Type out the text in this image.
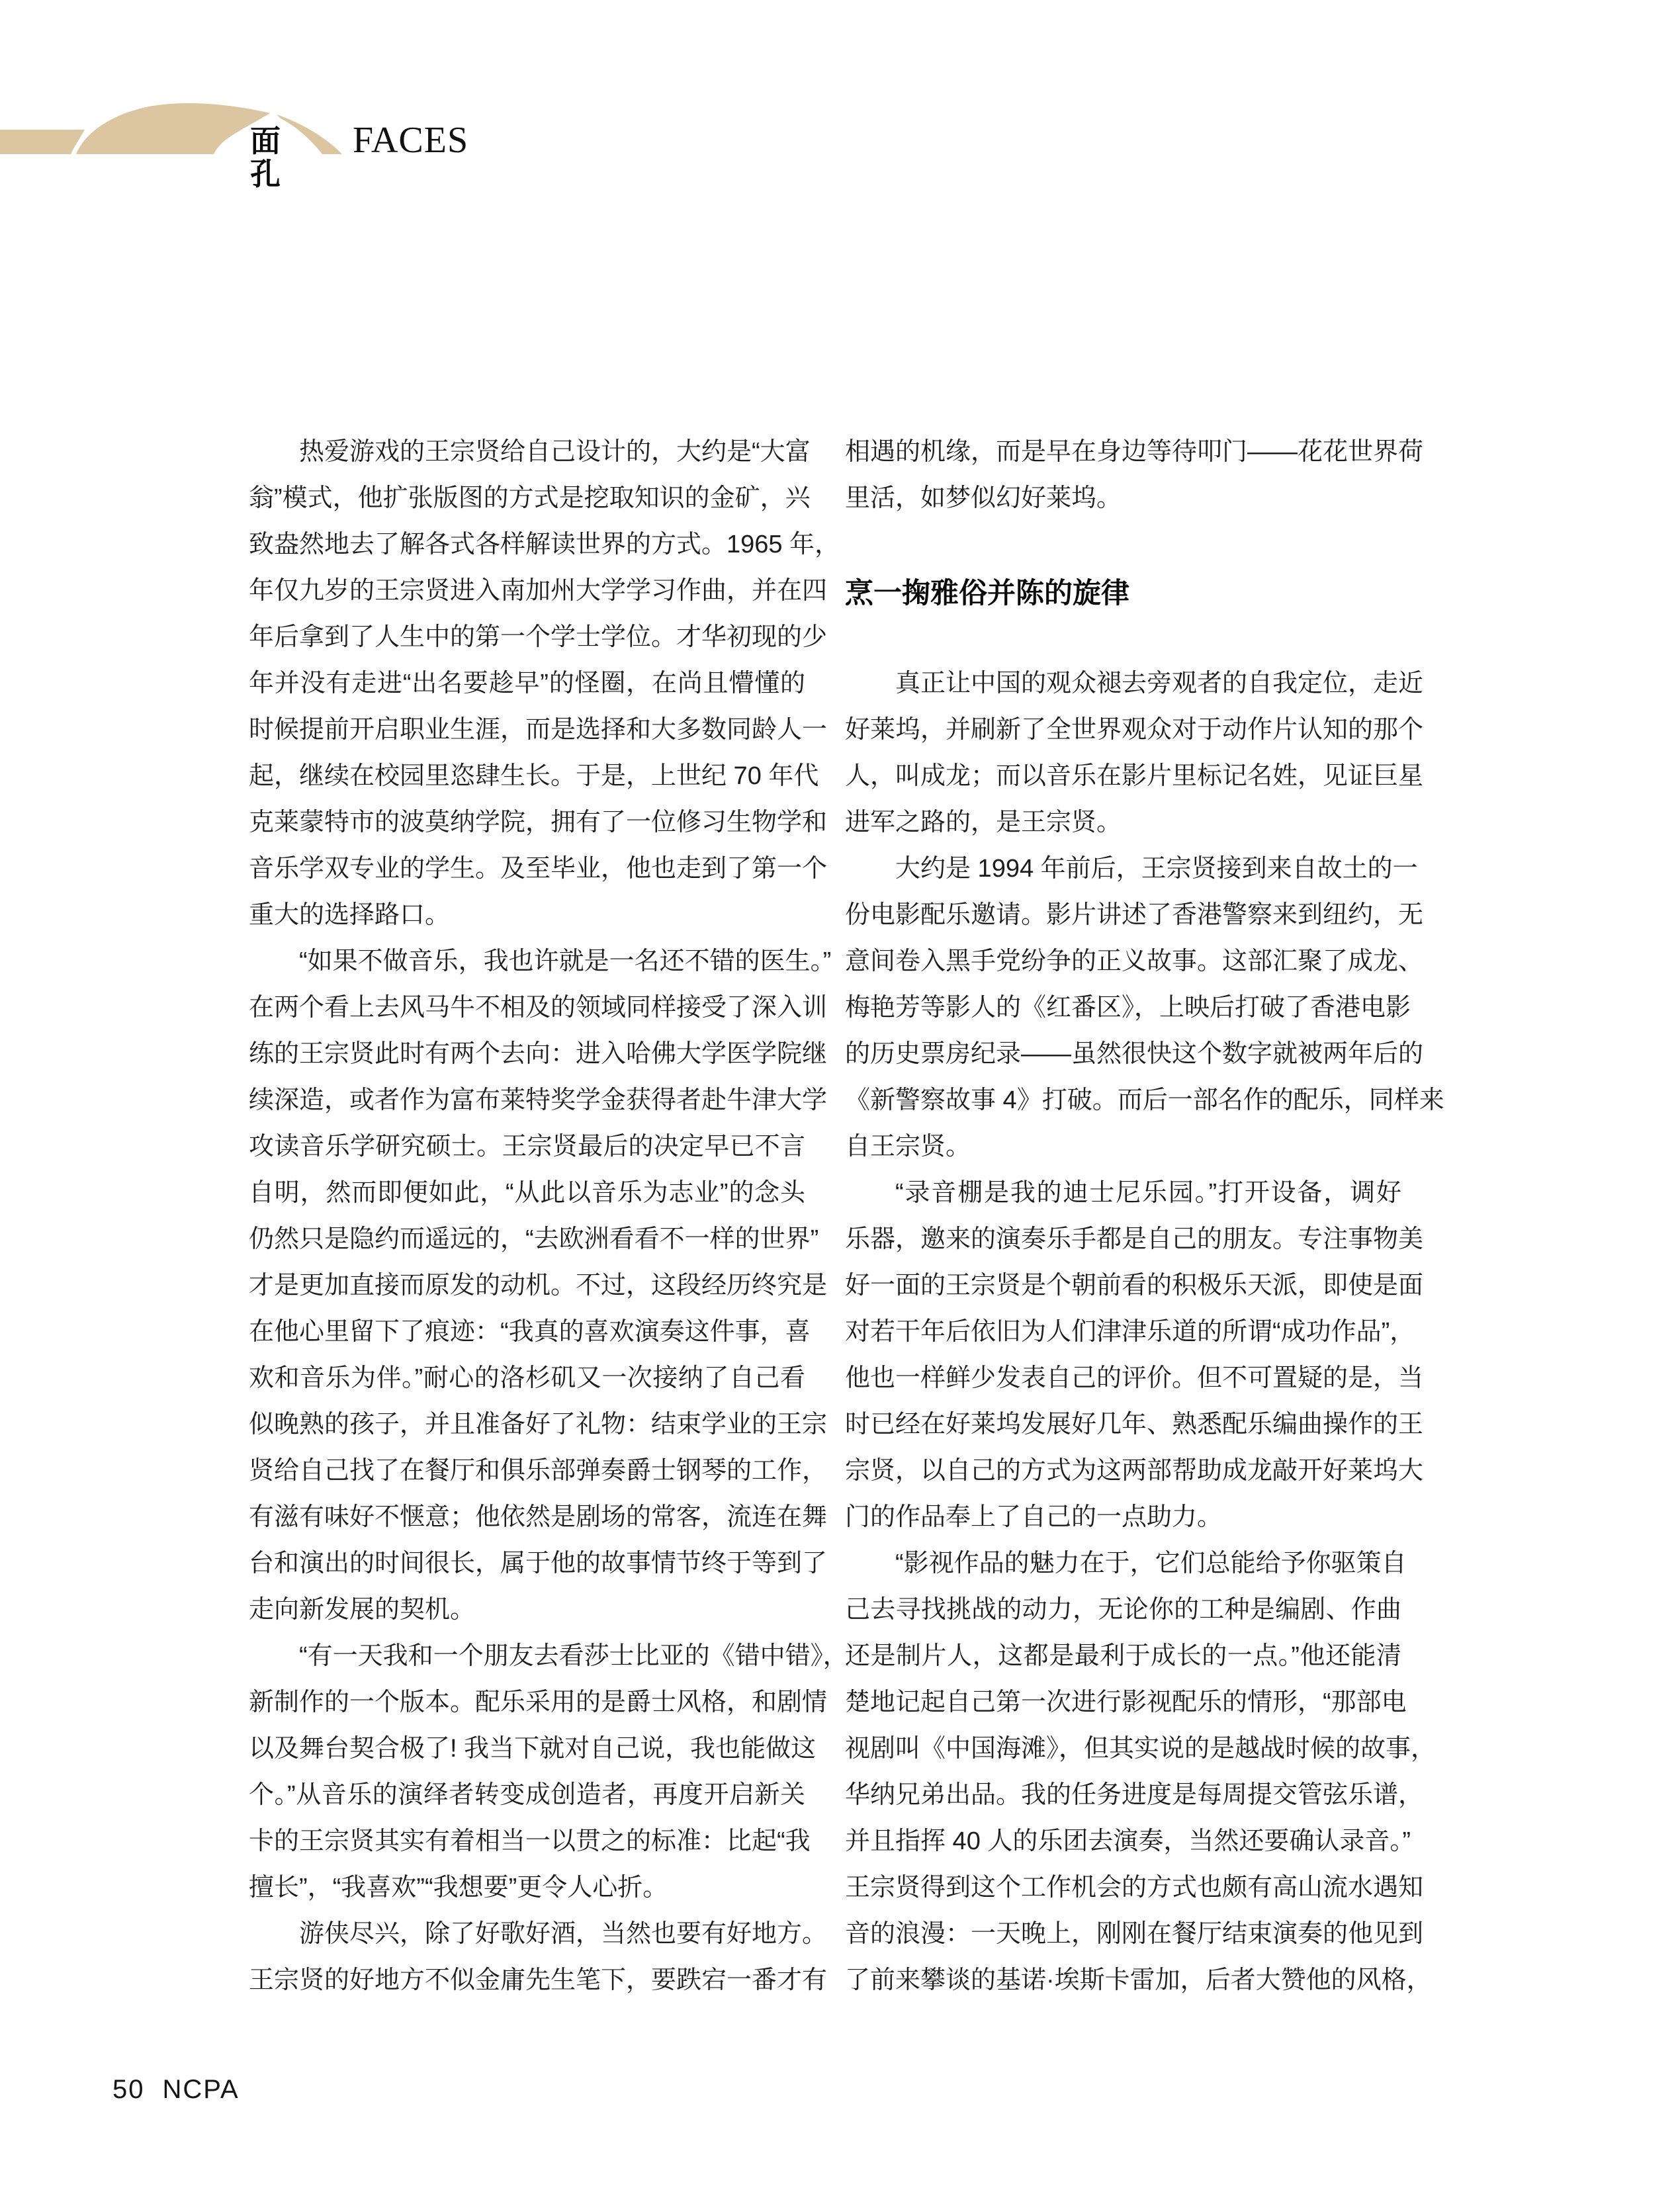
面孔
FACES
热爱游戏的王宗贤给自己设计的，大约是“大富
翁”模式，他扩张版图的方式是挖取知识的金矿，兴
致盎然地去了解各式各样解读世界的方式。1965 年，
年仅九岁的王宗贤进入南加州大学学习作曲，并在四
年后拿到了人生中的第一个学士学位。才华初现的少
年并没有走进“出名要趁早”的怪圈，在尚且懵懂的
时候提前开启职业生涯，而是选择和大多数同龄人一
起，继续在校园里恣肆生长。于是，上世纪 70 年代
克莱蒙特市的波莫纳学院，拥有了一位修习生物学和
音乐学双专业的学生。及至毕业，他也走到了第一个
重大的选择路口。
“如果不做音乐，我也许就是一名还不错的医生。”
在两个看上去风马牛不相及的领域同样接受了深入训
练的王宗贤此时有两个去向：进入哈佛大学医学院继
续深造，或者作为富布莱特奖学金获得者赴牛津大学
攻读音乐学研究硕士。王宗贤最后的决定早已不言
自明，然而即便如此，“从此以音乐为志业”的念头
仍然只是隐约而遥远的，“去欧洲看看不一样的世界”
才是更加直接而原发的动机。不过，这段经历终究是
在他心里留下了痕迹：“我真的喜欢演奏这件事，喜
欢和音乐为伴。”耐心的洛杉矶又一次接纳了自己看
似晚熟的孩子，并且准备好了礼物：结束学业的王宗
贤给自己找了在餐厅和俱乐部弹奏爵士钢琴的工作，
有滋有味好不惬意；他依然是剧场的常客，流连在舞
台和演出的时间很长，属于他的故事情节终于等到了
走向新发展的契机。
“有一天我和一个朋友去看莎士比亚的《错中错》，
新制作的一个版本。配乐采用的是爵士风格，和剧情
以及舞台契合极了! 我当下就对自己说，我也能做这
个。”从音乐的演绎者转变成创造者，再度开启新关
卡的王宗贤其实有着相当一以贯之的标准：比起“我
擅长”，“我喜欢”“我想要”更令人心折。
游侠尽兴，除了好歌好酒，当然也要有好地方。
王宗贤的好地方不似金庸先生笔下，要跌宕一番才有
相遇的机缘，而是早在身边等待叩门——花花世界荷
里活，如梦似幻好莱坞。
烹一掬雅俗并陈的旋律
真正让中国的观众褪去旁观者的自我定位，走近
好莱坞，并刷新了全世界观众对于动作片认知的那个
人，叫成龙；而以音乐在影片里标记名姓，见证巨星
进军之路的，是王宗贤。
大约是 1994 年前后，王宗贤接到来自故土的一
份电影配乐邀请。影片讲述了香港警察来到纽约，无
意间卷入黑手党纷争的正义故事。这部汇聚了成龙、
梅艳芳等影人的《红番区》，上映后打破了香港电影
的历史票房纪录——虽然很快这个数字就被两年后的
《新警察故事 4》打破。而后一部名作的配乐，同样来
自王宗贤。
“录音棚是我的迪士尼乐园。”打开设备，调好
乐器，邀来的演奏乐手都是自己的朋友。专注事物美
好一面的王宗贤是个朝前看的积极乐天派，即使是面
对若干年后依旧为人们津津乐道的所谓“成功作品”，
他也一样鲜少发表自己的评价。但不可置疑的是，当
时已经在好莱坞发展好几年、熟悉配乐编曲操作的王
宗贤，以自己的方式为这两部帮助成龙敲开好莱坞大
门的作品奉上了自己的一点助力。
“影视作品的魅力在于，它们总能给予你驱策自
己去寻找挑战的动力，无论你的工种是编剧、作曲
还是制片人，这都是最利于成长的一点。”他还能清
楚地记起自己第一次进行影视配乐的情形，“那部电
视剧叫《中国海滩》，但其实说的是越战时候的故事，
华纳兄弟出品。我的任务进度是每周提交管弦乐谱，
并且指挥 40 人的乐团去演奏，当然还要确认录音。”
王宗贤得到这个工作机会的方式也颇有高山流水遇知
音的浪漫：一天晚上，刚刚在餐厅结束演奏的他见到
了前来攀谈的基诺·埃斯卡雷加，后者大赞他的风格，
50 NCPA
